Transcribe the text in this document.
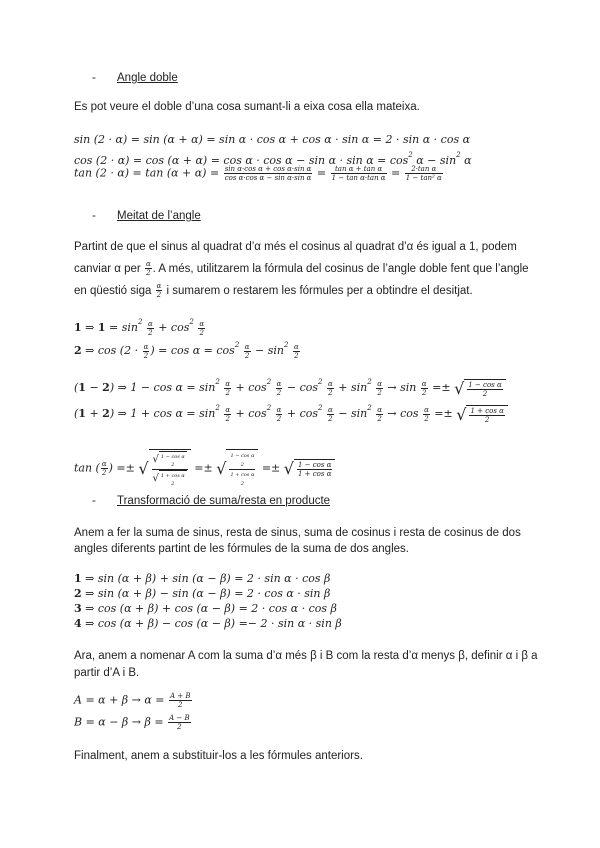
- Angle doble
Es pot veure el doble d’una cosa sumant-li a eixa cosa ella mateixa.
sin (2 · α) = sin (α + α) = sin α · cos α + cos α · sin α = 2 · sin α · cos α
$\cos (2 \cdot \alpha) = \cos (\alpha + \alpha) = \cos \alpha \cdot \cos \alpha - \sin \alpha \cdot \sin \alpha = \cos^2 \alpha - \sin^2 \alpha$
$\tan (2 \cdot \alpha) = \tan (\alpha + \alpha) = \frac{\text{sin α·cos α + cos α·sin α}}{\text{cos α·cos α − sin α·sin α}} = \frac{\text{tan α + tan α}}{\text{1 − tan α·tan α}} = \frac{\text{2·tan α}}{\text{1 − tan² α}}$
- Meitat de l’angle
Partint de que el sinus al quadrat d’α més el cosinus al quadrat d’α és igual a 1, podem
canviar α per $\frac{\alpha}{2}$ . A més, utilitzarem la fórmula del cosinus de l’angle doble fent que l’angle
en qüestió siga $\frac{\alpha}{2}$ i sumarem o restarem les fórmules per a obtindre el desitjat.
1 ⇒ $1 = \sin^2 \frac{\alpha}{2} + \cos^2 \frac{\alpha}{2}$
2 ⇒ $\cos (2 \cdot \frac{\alpha}{2}$ ) = $\cos \alpha = \cos^2 \frac{\alpha}{2} - \sin^2 \frac{\alpha}{2}$
(1 − 2) ⇒ $1 - \cos \alpha = \sin^2 \frac{\alpha}{2} + \cos^2 \frac{\alpha}{2} - \cos^2 \frac{\alpha}{2} + \sin^2 \frac{\alpha}{2} \to \sin \frac{\alpha}{2}$ =± √ $\frac{\text{1 − cos α}}{2}$
(1 + 2) ⇒ $1 + \cos \alpha = \sin^2 \frac{\alpha}{2} + \cos^2 \frac{\alpha}{2} + \cos^2 \frac{\alpha}{2} - \sin^2 \frac{\alpha}{2} \to \cos \frac{\alpha}{2}$ =± √ $\frac{\text{1 + cos α}}{2}$
tan ( $\frac{\alpha}{2}$ ) =± √ √ 1 − cos α
2
√ 1 + cos α
2
=± √
1 − cos α
2
1 + cos α
2
=± √ $\frac{\text{1 − cos α}}{\text{1 + cos α}}$
- Transformació de suma/resta en producte
Anem a fer la suma de sinus, resta de sinus, suma de cosinus i resta de cosinus de dos
angles diferents partint de les fórmules de la suma de dos angles.
1 ⇒ sin (α + β) + sin (α − β) = 2 · sin α · cos β
2 ⇒ sin (α + β) − sin (α − β) = 2 · cos α · sin β
3 ⇒ cos (α + β) + cos (α − β) = 2 · cos α · cos β
4 ⇒ cos (α + β) − cos (α − β) =− 2 · sin α · sin β
Ara, anem a nomenar A com la suma d’α més β i B com la resta d’α menys β, definir α i β a
partir d’A i B.
$A = \alpha + \beta \to \alpha = \frac{A + B}{2}$
$B = \alpha - \beta \to \beta = \frac{A - B}{2}$
Finalment, anem a substituir-los a les fórmules anteriors.
